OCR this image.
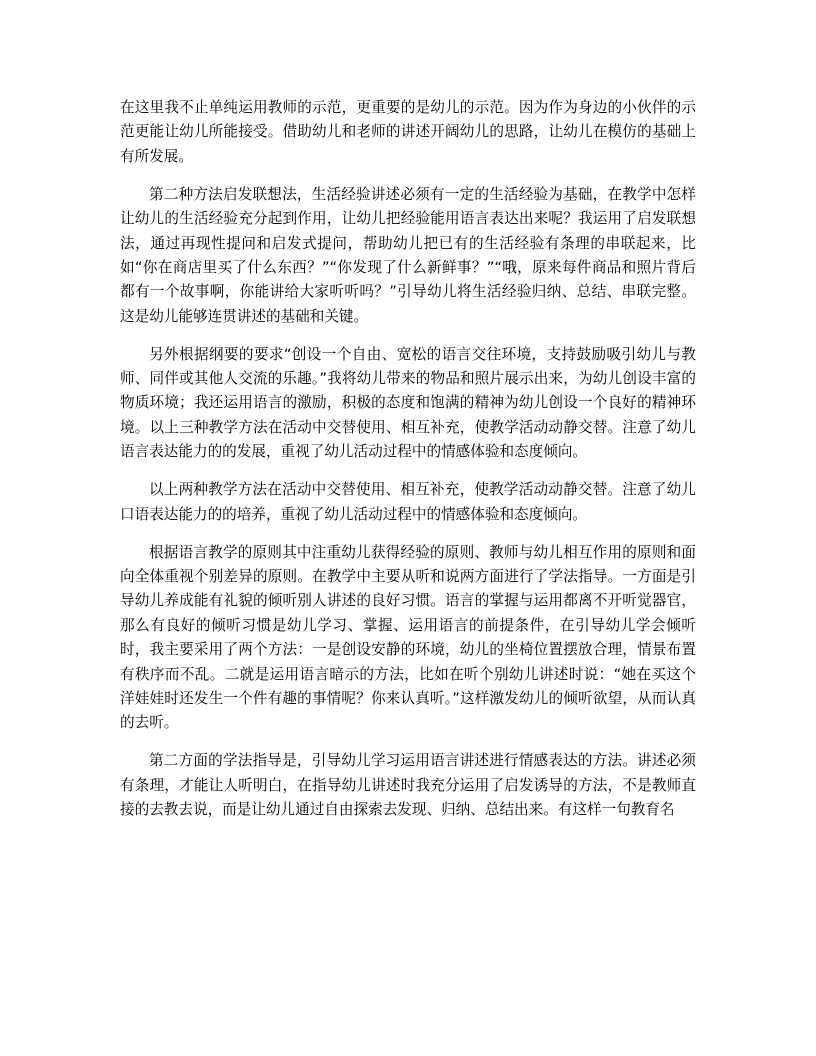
在这里我不止单纯运用教师的示范，更重要的是幼儿的示范。因为作为身边的小伙伴的示范更能让幼儿所能接受。借助幼儿和老师的讲述开阔幼儿的思路，让幼儿在模仿的基础上有所发展。

第二种方法启发联想法，生活经验讲述必须有一定的生活经验为基础，在教学中怎样让幼儿的生活经验充分起到作用，让幼儿把经验能用语言表达出来呢？我运用了启发联想法，通过再现性提问和启发式提问，帮助幼儿把已有的生活经验有条理的串联起来，比如“你在商店里买了什么东西？”“你发现了什么新鲜事？”“哦，原来每件商品和照片背后都有一个故事啊，你能讲给大家听听吗？”引导幼儿将生活经验归纳、总结、串联完整。这是幼儿能够连贯讲述的基础和关键。

另外根据纲要的要求“创设一个自由、宽松的语言交往环境，支持鼓励吸引幼儿与教师、同伴或其他人交流的乐趣。”我将幼儿带来的物品和照片展示出来，为幼儿创设丰富的物质环境；我还运用语言的激励，积极的态度和饱满的精神为幼儿创设一个良好的精神环境。以上三种教学方法在活动中交替使用、相互补充，使教学活动动静交替。注意了幼儿语言表达能力的的发展，重视了幼儿活动过程中的情感体验和态度倾向。

以上两种教学方法在活动中交替使用、相互补充，使教学活动动静交替。注意了幼儿口语表达能力的的培养，重视了幼儿活动过程中的情感体验和态度倾向。

根据语言教学的原则其中注重幼儿获得经验的原则、教师与幼儿相互作用的原则和面向全体重视个别差异的原则。在教学中主要从听和说两方面进行了学法指导。一方面是引导幼儿养成能有礼貌的倾听别人讲述的良好习惯。语言的掌握与运用都离不开听觉器官，那么有良好的倾听习惯是幼儿学习、掌握、运用语言的前提条件，在引导幼儿学会倾听时，我主要采用了两个方法：一是创设安静的环境，幼儿的坐椅位置摆放合理，情景布置有秩序而不乱。二就是运用语言暗示的方法，比如在听个别幼儿讲述时说：“她在买这个洋娃娃时还发生一个件有趣的事情呢？你来认真听。”这样激发幼儿的倾听欲望，从而认真的去听。

第二方面的学法指导是，引导幼儿学习运用语言讲述进行情感表达的方法。讲述必须有条理，才能让人听明白，在指导幼儿讲述时我充分运用了启发诱导的方法，不是教师直接的去教去说，而是让幼儿通过自由探索去发现、归纳、总结出来。有这样一句教育名
